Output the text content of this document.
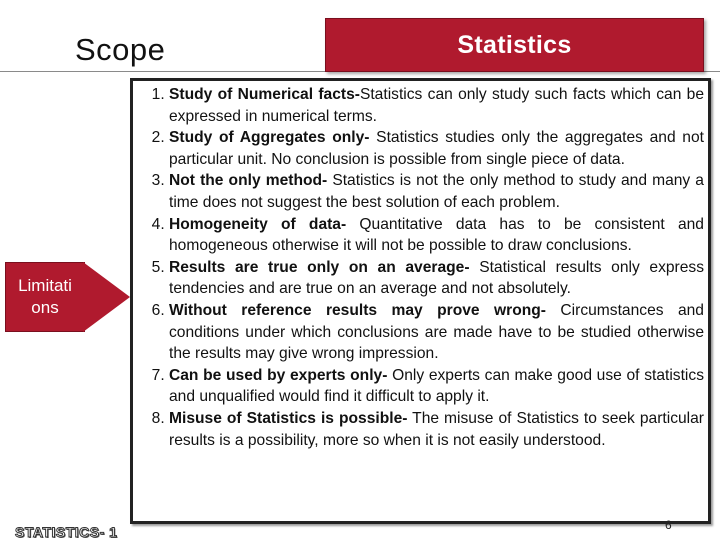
Scope	Statistics
Limitati ons
1. Study of Numerical facts-Statistics can only study such facts which can be expressed in numerical terms.
2. Study of Aggregates only- Statistics studies only the aggregates and not particular unit. No conclusion is possible from single piece of data.
3. Not the only method- Statistics is not the only method to study and many a time does not suggest the best solution of each problem.
4. Homogeneity of data- Quantitative data has to be consistent and homogeneous otherwise it will not be possible to draw conclusions.
5. Results are true only on an average- Statistical results only express tendencies and are true on an average and not absolutely.
6. Without reference results may prove wrong- Circumstances and conditions under which conclusions are made have to be studied otherwise the results may give wrong impression.
7. Can be used by experts only- Only experts can make good use of statistics and unqualified would find it difficult to apply it.
8. Misuse of Statistics is possible- The misuse of Statistics to seek particular results is a possibility, more so when it is not easily understood.
6
STATISTICS- 1
